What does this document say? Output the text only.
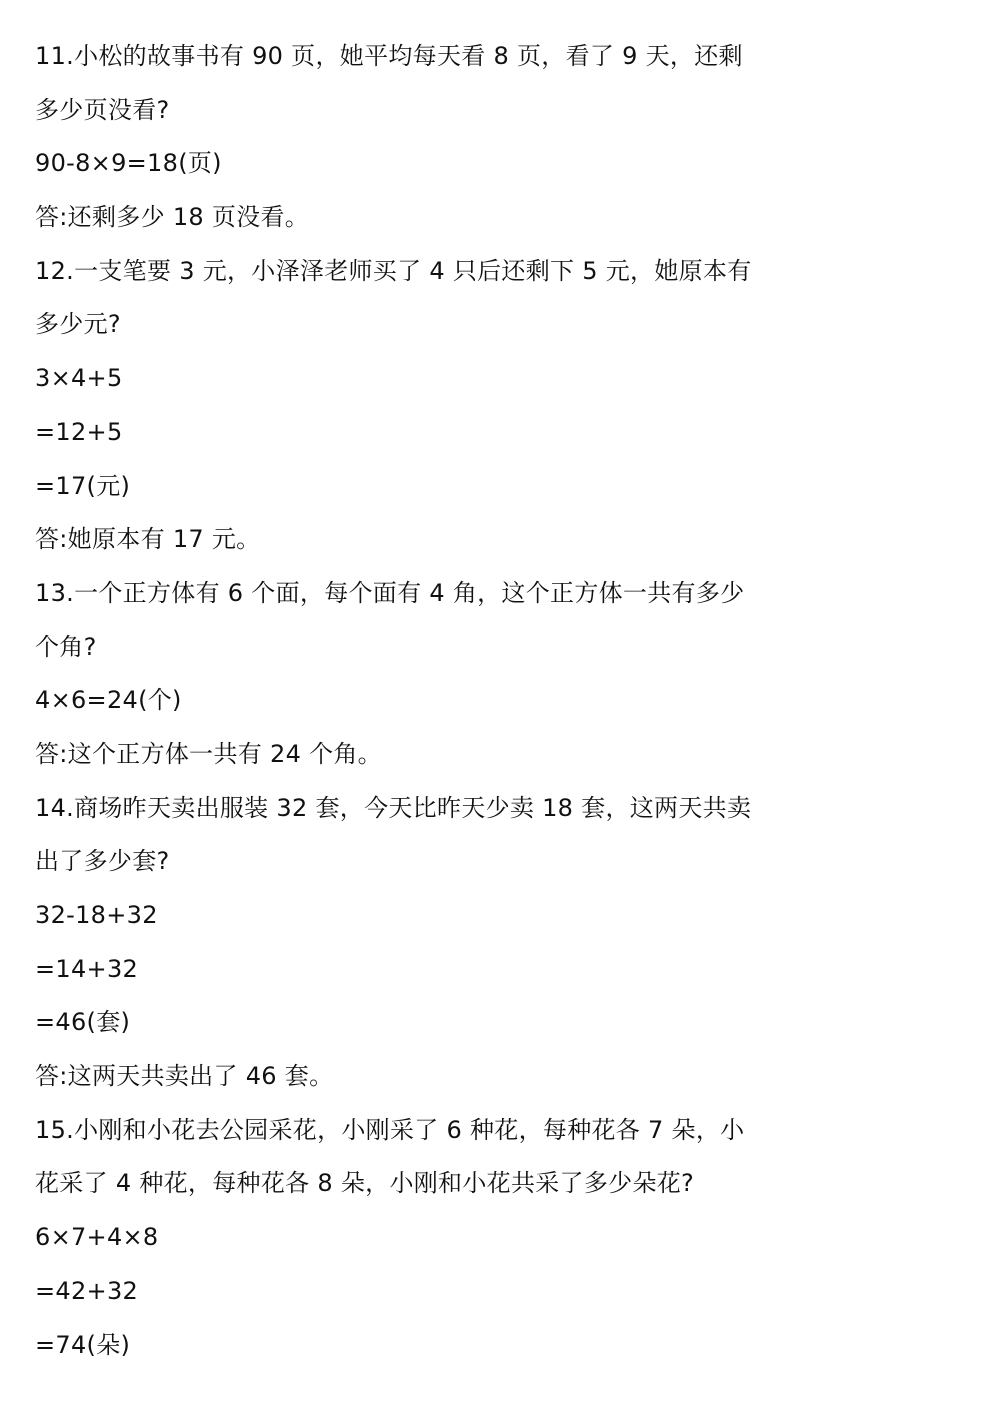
11.小松的故事书有 90 页，她平均每天看 8 页，看了 9 天，还剩
多少页没看?
90-8×9=18(页)
答:还剩多少 18 页没看。
12.一支笔要 3 元，小泽泽老师买了 4 只后还剩下 5 元，她原本有
多少元?
3×4+5
=12+5
=17(元)
答:她原本有 17 元。
13.一个正方体有 6 个面，每个面有 4 角，这个正方体一共有多少
个角?
4×6=24(个)
答:这个正方体一共有 24 个角。
14.商场昨天卖出服装 32 套，今天比昨天少卖 18 套，这两天共卖
出了多少套?
32-18+32
=14+32
=46(套)
答:这两天共卖出了 46 套。
15.小刚和小花去公园采花，小刚采了 6 种花，每种花各 7 朵，小
花采了 4 种花，每种花各 8 朵，小刚和小花共采了多少朵花?
6×7+4×8
=42+32
=74(朵)
